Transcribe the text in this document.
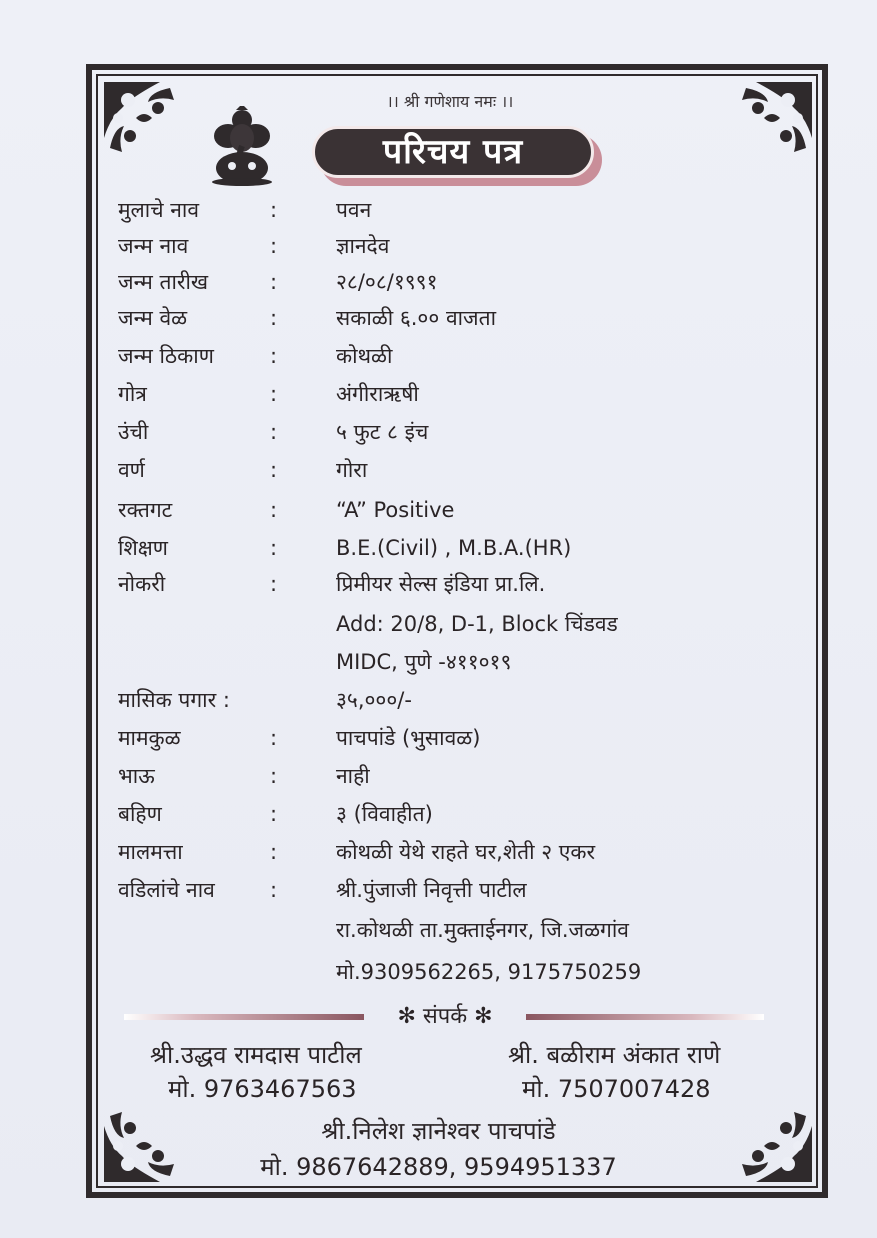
।। श्री गणेशाय नमः ।।
परिचय पत्र
मुलाचे नाव	:	पवन
जन्म नाव	:	ज्ञानदेव
जन्म तारीख	:	२८/०८/१९९१
जन्म वेळ	:	सकाळी ६.०० वाजता
जन्म ठिकाण	:	कोथळी
गोत्र	:	अंगीराऋषी
उंची	:	५ फुट ८ इंच
वर्ण	:	गोरा
रक्तगट	:	“A” Positive
शिक्षण	:	B.E.(Civil) , M.B.A.(HR)
नोकरी	:	प्रिमीयर सेल्स इंडिया प्रा.लि.
Add: 20/8, D-1, Block चिंडवड
MIDC, पुणे -४११०१९
मासिक पगार :	३५,०००/-
मामकुळ	:	पाचपांडे (भुसावळ)
भाऊ	:	नाही
बहिण	:	३ (विवाहीत)
मालमत्ता	:	कोथळी येथे राहते घर,शेती २ एकर
वडिलांचे नाव	:	श्री.पुंजाजी निवृत्ती पाटील
रा.कोथळी ता.मुक्ताईनगर, जि.जळगांव
मो.9309562265, 9175750259
✻ संपर्क ✻
श्री.उद्धव रामदास पाटील
मो. 9763467563
श्री. बळीराम अंकात राणे
मो. 7507007428
श्री.निलेश ज्ञानेश्वर पाचपांडे
मो. 9867642889, 9594951337
